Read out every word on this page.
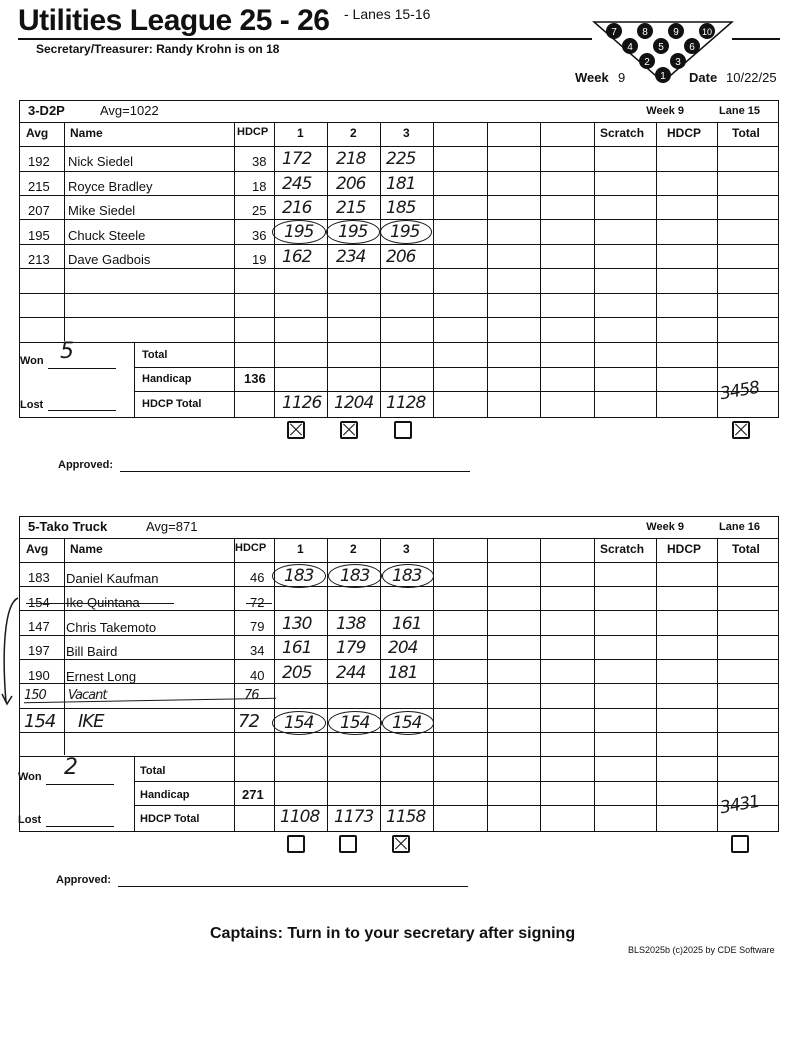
Utilities League 25 - 26 - Lanes 15-16
Secretary/Treasurer: Randy Krohn is on 18
7	8	9	10
4	5	6
2	3
1
Week 9	Date 10/22/25
3-D2P	Avg=1022	Week 9	Lane 15
Avg Name	HDCP 1	2	3	Scratch HDCP	Total
192 Nick Siedel	38 172 218 225
215 Royce Bradley	18 245 206 181
207 Mike Siedel	25 216 215 185
195 Chuck Steele	36 195 195 195
213 Dave Gadbois	19 162 234 206
Total
Handicap	136
HDCP Total	1126 1204 1128	3458
Won 5
Lost
Approved:
5-Tako Truck	Avg=871	Week 9	Lane 16
Avg Name	HDCP	1	2	3	Scratch HDCP	Total
183 Daniel Kaufman	46 183 183 183
154 Ike Quintana	72
147 Chris Takemoto	79 130 138 161
197 Bill Baird	34 161 179 204
190 Ernest Long	40 205 244 181
150 Vacant	76
154 IKE	72 154 154 154
Total
Handicap	271
HDCP Total	1108 1173 1158	3431
Won 2
Lost
Approved:
Captains: Turn in to your secretary after signing
BLS2025b (c)2025 by CDE Software
